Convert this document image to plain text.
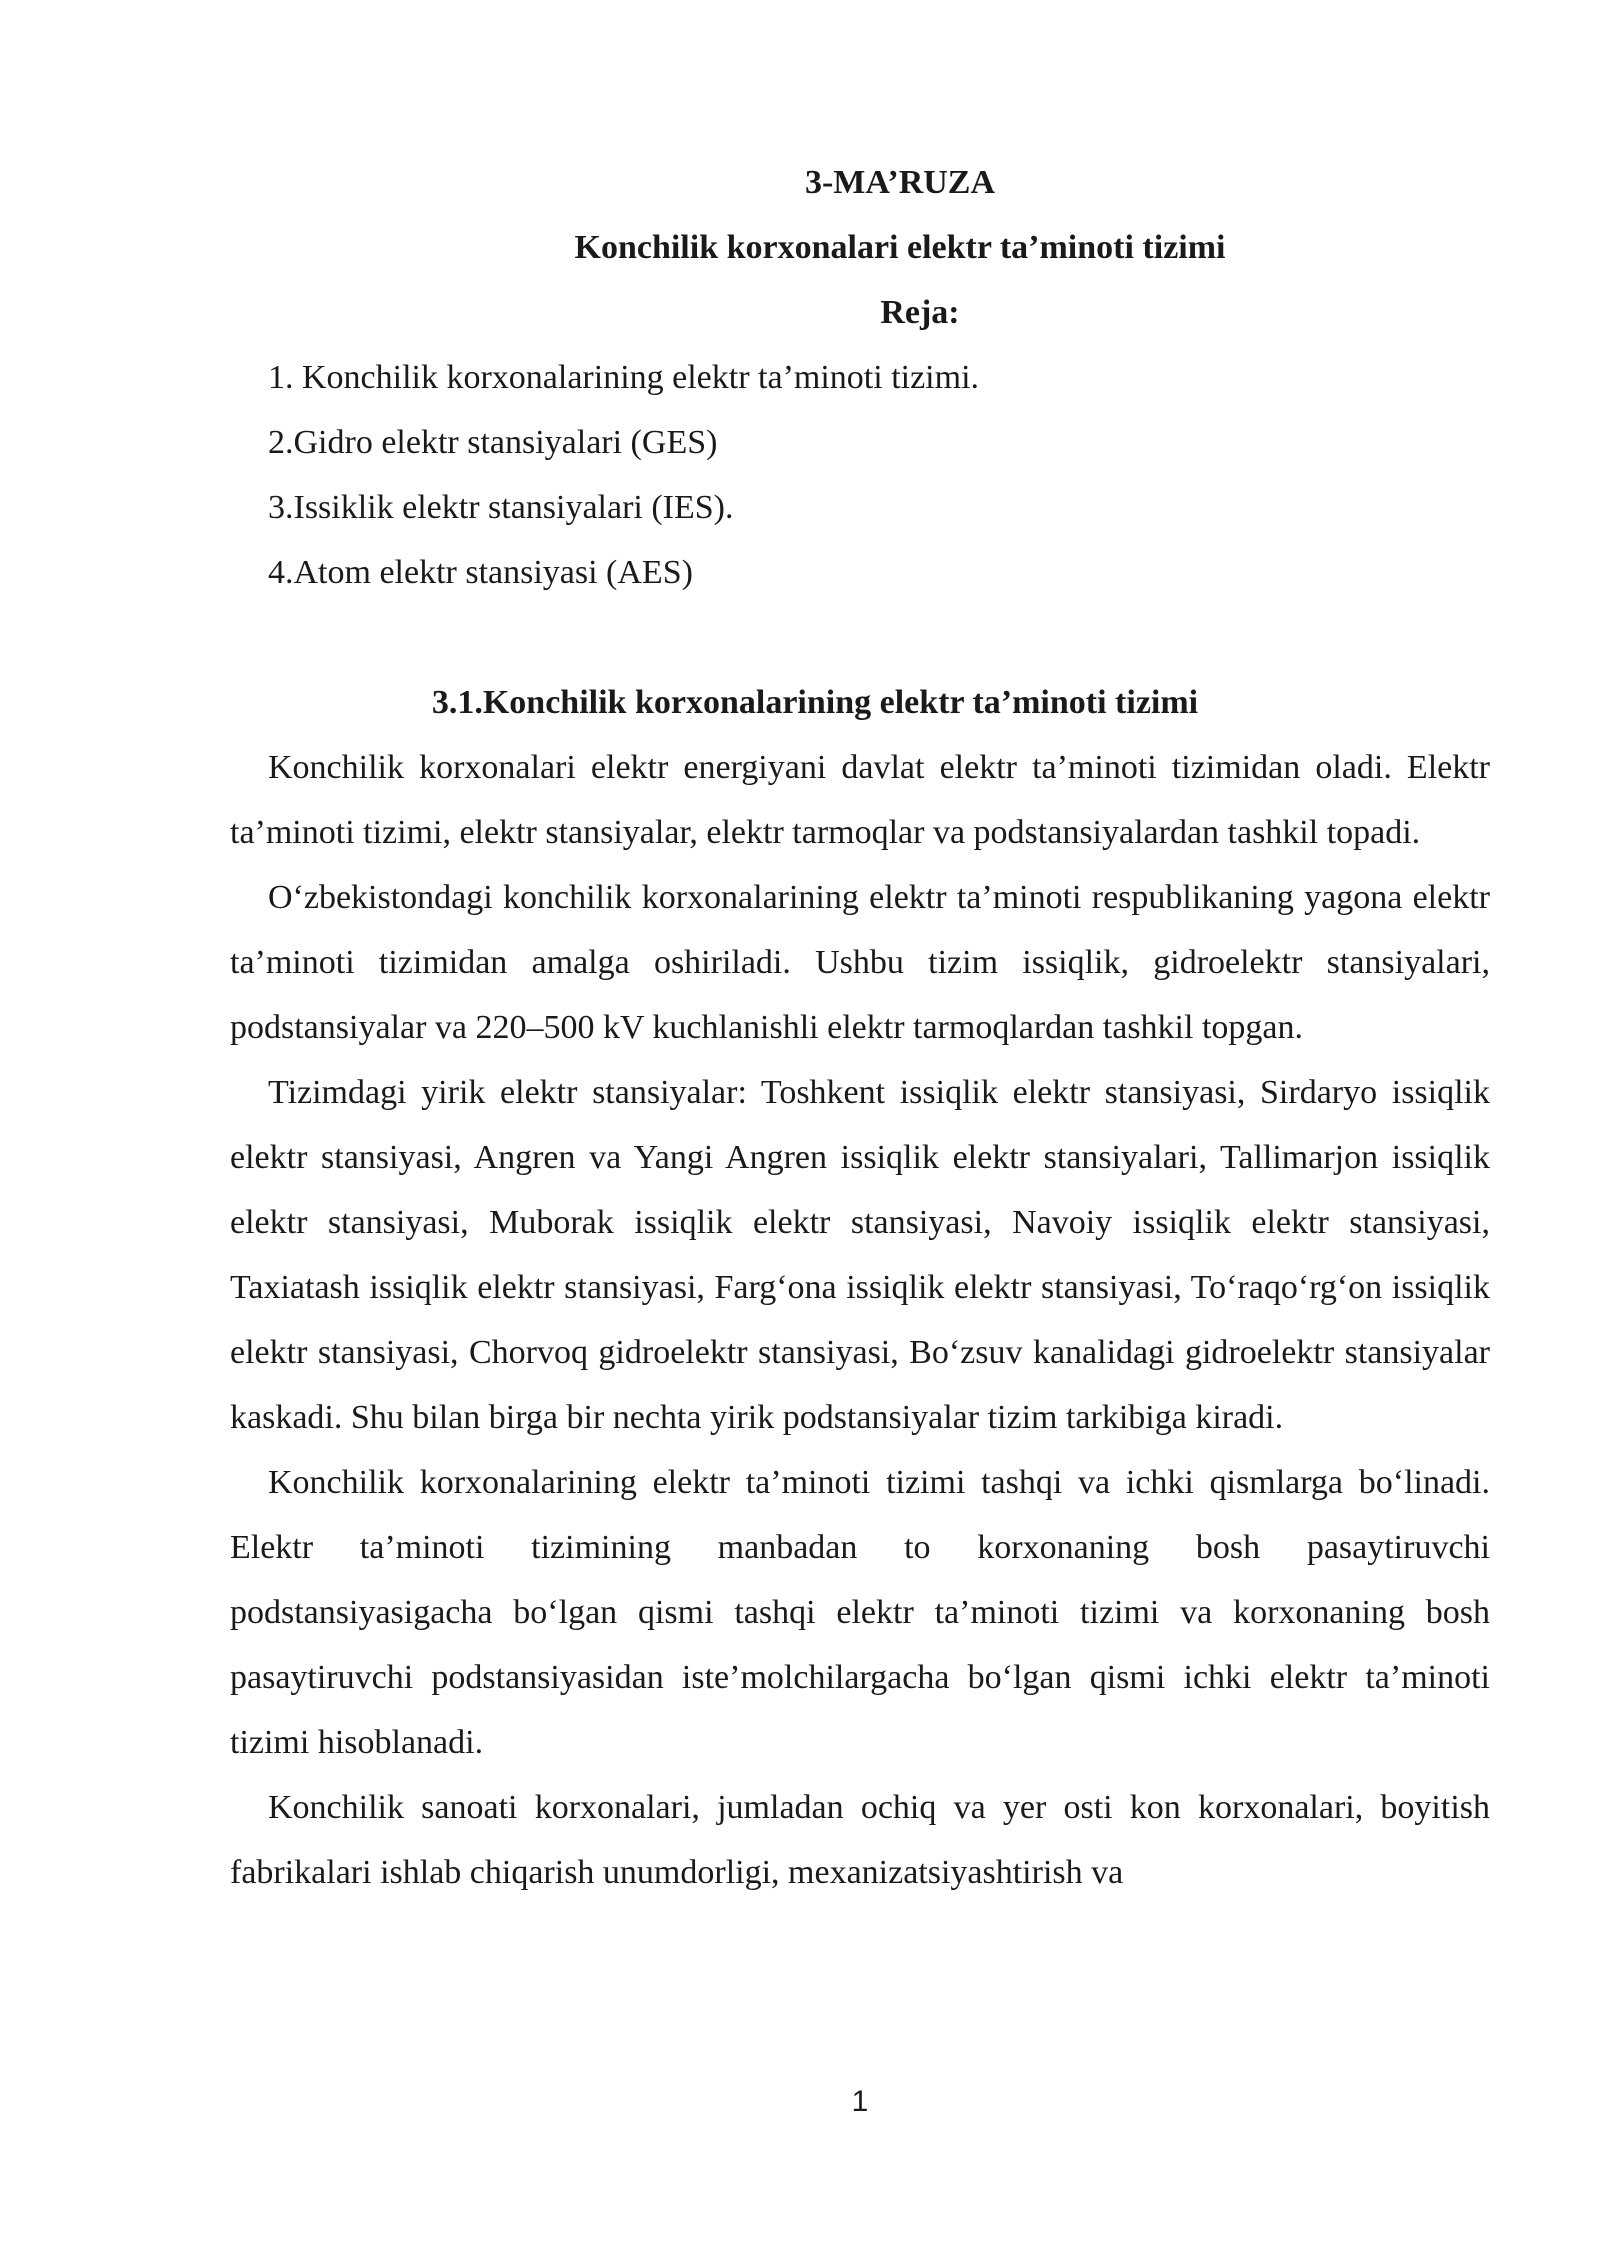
3-MA’RUZA

Konchilik korxonalari elektr ta’minoti tizimi

Reja:

1. Konchilik korxonalarining elektr ta’minoti tizimi.
2.Gidro elektr stansiyalari (GES)
3.Issiklik elektr stansiyalari (IES).
4.Atom elektr stansiyasi (AES)

3.1.Konchilik korxonalarining elektr ta’minoti tizimi

Konchilik korxonalari elektr energiyani davlat elektr ta’minoti tizimidan oladi. Elektr ta’minoti tizimi, elektr stansiyalar, elektr tarmoqlar va podstansiyalardan tashkil topadi.

O‘zbekistondagi konchilik korxonalarining elektr ta’minoti respublikaning yagona elektr ta’minoti tizimidan amalga oshiriladi. Ushbu tizim issiqlik, gidroelektr stansiyalari, podstansiyalar va 220–500 kV kuchlanishli elektr tarmoqlardan tashkil topgan.

Tizimdagi yirik elektr stansiyalar: Toshkent issiqlik elektr stansiyasi, Sirdaryo issiqlik elektr stansiyasi, Angren va Yangi Angren issiqlik elektr stansiyalari, Tallimarjon issiqlik elektr stansiyasi, Muborak issiqlik elektr stansiyasi, Navoiy issiqlik elektr stansiyasi, Taxiatash issiqlik elektr stansiyasi, Farg‘ona issiqlik elektr stansiyasi, To‘raqo‘rg‘on issiqlik elektr stansiyasi, Chorvoq gidroelektr stansiyasi, Bo‘zsuv kanalidagi gidroelektr stansiyalar kaskadi. Shu bilan birga bir nechta yirik podstansiyalar tizim tarkibiga kiradi.

Konchilik korxonalarining elektr ta’minoti tizimi tashqi va ichki qismlarga bo‘linadi. Elektr ta’minoti tizimining manbadan to korxonaning bosh pasaytiruvchi podstansiyasigacha bo‘lgan qismi tashqi elektr ta’minoti tizimi va korxonaning bosh pasaytiruvchi podstansiyasidan iste’molchilargacha bo‘lgan qismi ichki elektr ta’minoti tizimi hisoblanadi.

Konchilik sanoati korxonalari, jumladan ochiq va yer osti kon korxonalari, boyitish fabrikalari ishlab chiqarish unumdorligi, mexanizatsiyashtirish va

1
